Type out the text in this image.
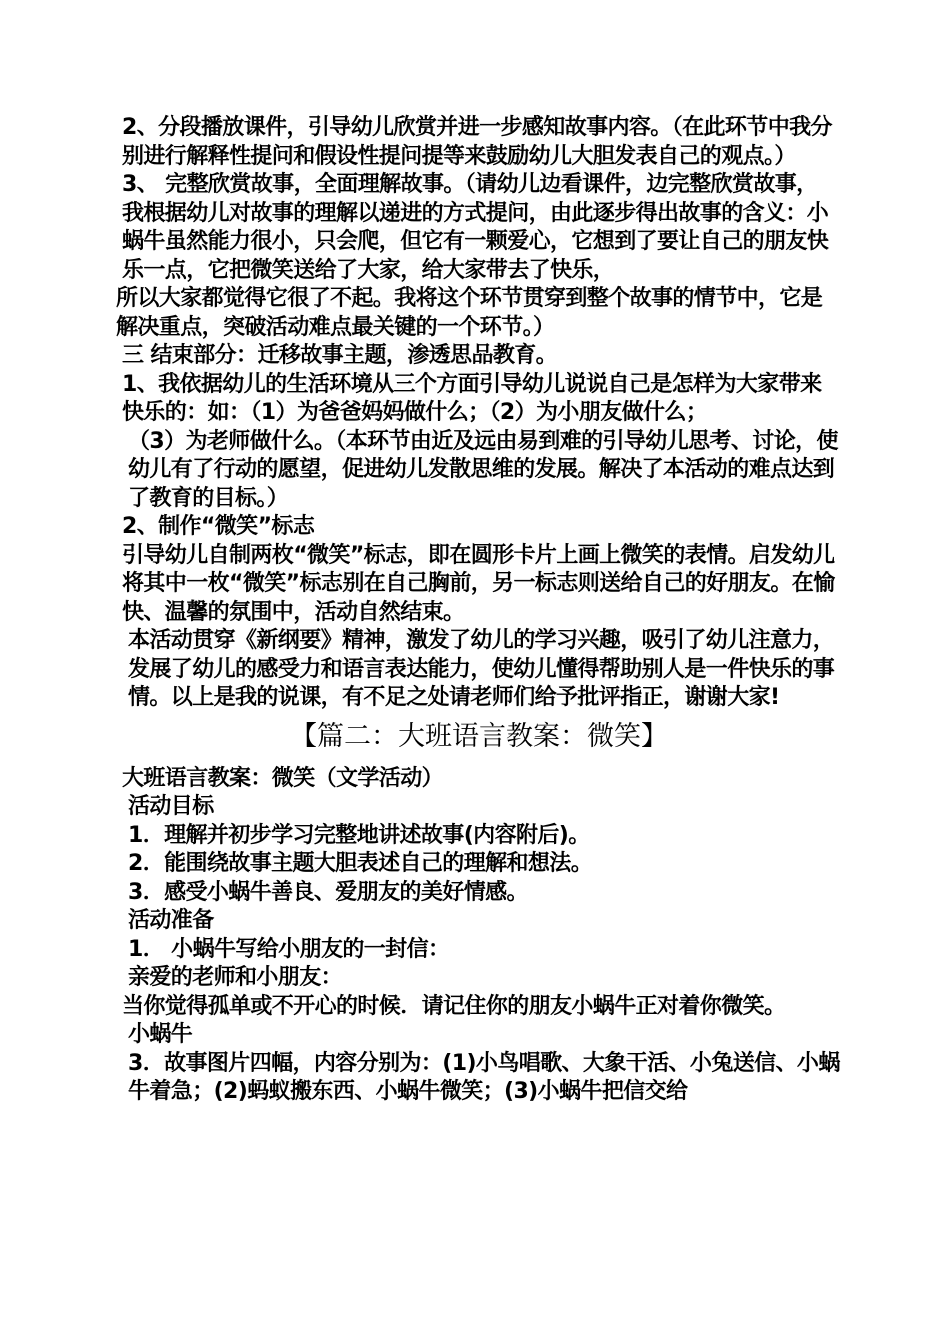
2、分段播放课件，引导幼儿欣赏并进一步感知故事内容。（在此环节中我分别进行解释性提问和假设性提问提等来鼓励幼儿大胆发表自己的观点。）

3、 完整欣赏故事，全面理解故事。（请幼儿边看课件，边完整欣赏故事， 我根据幼儿对故事的理解以递进的方式提问，由此逐步得出故事的含义：小蜗牛虽然能力很小，只会爬，但它有一颗爱心，它想到了要让自己的朋友快乐一点，它把微笑送给了大家，给大家带去了快乐，

所以大家都觉得它很了不起。我将这个环节贯穿到整个故事的情节中，它是解决重点，突破活动难点最关键的一个环节。）

三 结束部分：迁移故事主题，渗透思品教育。

1、我依据幼儿的生活环境从三个方面引导幼儿说说自己是怎样为大家带来快乐的：如：（1）为爸爸妈妈做什么；（2）为小朋友做什么；

（3）为老师做什么。（本环节由近及远由易到难的引导幼儿思考、讨论，使幼儿有了行动的愿望，促进幼儿发散思维的发展。解决了本活动的难点达到了教育的目标。）

2、制作“微笑”标志

引导幼儿自制两枚“微笑”标志，即在圆形卡片上画上微笑的表情。启发幼儿将其中一枚“微笑”标志别在自己胸前，另一标志则送给自己的好朋友。在愉快、温馨的氛围中，活动自然结束。

本活动贯穿《新纲要》精神，激发了幼儿的学习兴趣，吸引了幼儿注意力，发展了幼儿的感受力和语言表达能力，使幼儿懂得帮助别人是一件快乐的事情。以上是我的说课，有不足之处请老师们给予批评指正，谢谢大家!

【篇二：大班语言教案：微笑】

大班语言教案：微笑（文学活动）

活动目标

1．理解并初步学习完整地讲述故事(内容附后)。

2．能围绕故事主题大胆表述自己的理解和想法。

3．感受小蜗牛善良、爱朋友的美好情感。

活动准备

1． 小蜗牛写给小朋友的一封信：

亲爱的老师和小朋友：

当你觉得孤单或不开心的时候．请记住你的朋友小蜗牛正对着你微笑。

小蜗牛

3．故事图片四幅，内容分别为：(1)小鸟唱歌、大象干活、小兔送信、小蜗牛着急；(2)蚂蚁搬东西、小蜗牛微笑；(3)小蜗牛把信交给
